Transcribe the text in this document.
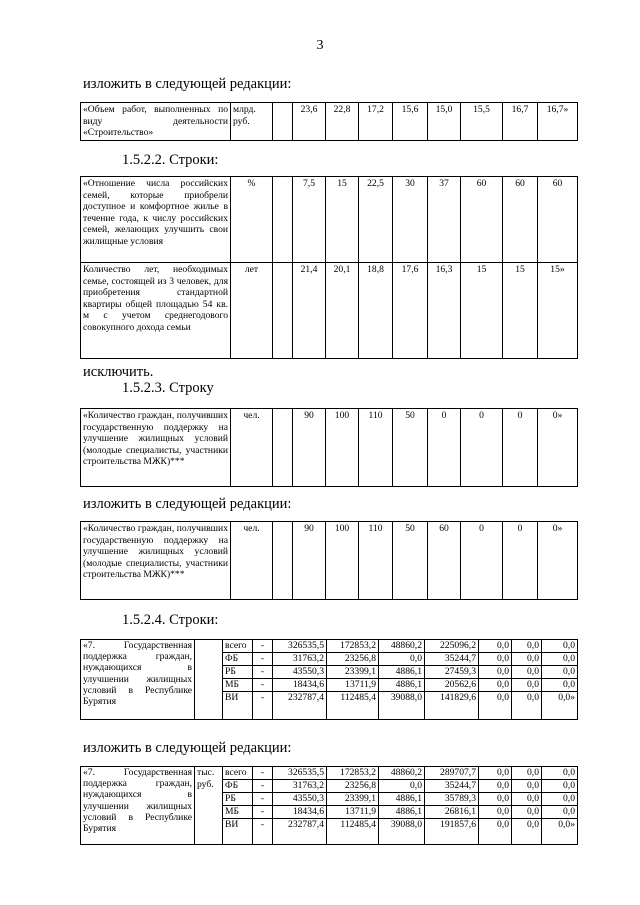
3
изложить в следующей редакции:
«Объем работ, выполненных по виду деятельности «Строительство»	млрд. руб.		23,6	22,8	17,2	15,6	15,0	15,5	16,7	16,7»
1.5.2.2. Строки:
«Отношение числа российских семей, которые приобрели доступное и комфортное жилье в течение года, к числу российских семей, желающих улучшить свои жилищные условия	%		7,5	15	22,5	30	37	60	60	60
Количество лет, необходимых семье, состоящей из 3 человек, для приобретения стандартной квартиры общей площадью 54 кв. м с учетом среднегодового совокупного дохода семьи	лет		21,4	20,1	18,8	17,6	16,3	15	15	15»
исключить.
1.5.2.3. Строку
«Количество граждан, получивших государственную поддержку на улучшение жилищных условий (молодые специалисты, участники строительства МЖК)***	чел.		90	100	110	50	0	0	0	0»
изложить в следующей редакции:
«Количество граждан, получивших государственную поддержку на улучшение жилищных условий (молодые специалисты, участники строительства МЖК)***	чел.		90	100	110	50	60	0	0	0»
1.5.2.4. Строки:
«7. Государственная поддержка граждан, нуждающихся в улучшении жилищных условий в Республике Бурятия		всего	-	326535,5	172853,2	48860,2	225096,2	0,0	0,0	0,0
		ФБ	-	31763,2	23256,8	0,0	35244,7	0,0	0,0	0,0
		РБ	-	43550,3	23399,1	4886,1	27459,3	0,0	0,0	0,0
		МБ	-	18434,6	13711,9	4886,1	20562,6	0,0	0,0	0,0
		ВИ	-	232787,4	112485,4	39088,0	141829,6	0,0	0,0	0,0»
изложить в следующей редакции:
«7. Государственная поддержка граждан, нуждающихся в улучшении жилищных условий в Республике Бурятия	тыс. руб.	всего	-	326535,5	172853,2	48860,2	289707,7	0,0	0,0	0,0
		ФБ	-	31763,2	23256,8	0,0	35244,7	0,0	0,0	0,0
		РБ	-	43550,3	23399,1	4886,1	35789,3	0,0	0,0	0,0
		МБ	-	18434,6	13711,9	4886,1	26816,1	0,0	0,0	0,0
		ВИ	-	232787,4	112485,4	39088,0	191857,6	0,0	0,0	0,0»
